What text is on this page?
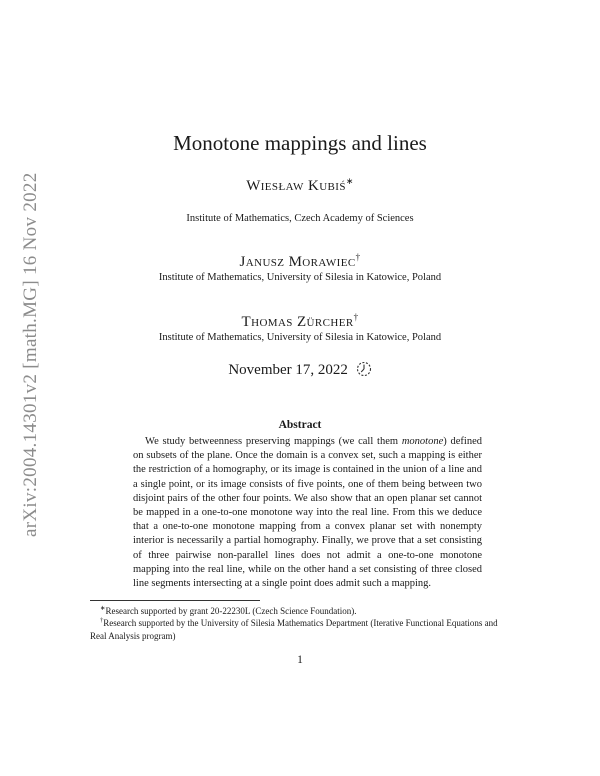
arXiv:2004.14301v2 [math.MG] 16 Nov 2022
Monotone mappings and lines
Wiesław Kubiś∗
Institute of Mathematics, Czech Academy of Sciences
Janusz Morawiec†
Institute of Mathematics, University of Silesia in Katowice, Poland
Thomas Zürcher†
Institute of Mathematics, University of Silesia in Katowice, Poland
November 17, 2022
Abstract

We study betweenness preserving mappings (we call them monotone) defined on subsets of the plane. Once the domain is a convex set, such a mapping is either the restriction of a homography, or its image is contained in the union of a line and a single point, or its image consists of five points, one of them being between two disjoint pairs of the other four points. We also show that an open planar set cannot be mapped in a one-to-one monotone way into the real line. From this we deduce that a one-to-one monotone mapping from a convex planar set with nonempty interior is necessarily a partial homography. Finally, we prove that a set consisting of three pairwise non-parallel lines does not admit a one-to-one monotone mapping into the real line, while on the other hand a set consisting of three closed line segments intersecting at a single point does admit such a mapping.

∗Research supported by grant 20-22230L (Czech Science Foundation).

†Research supported by the University of Silesia Mathematics Department (Iterative Functional Equations and Real Analysis program)

1
